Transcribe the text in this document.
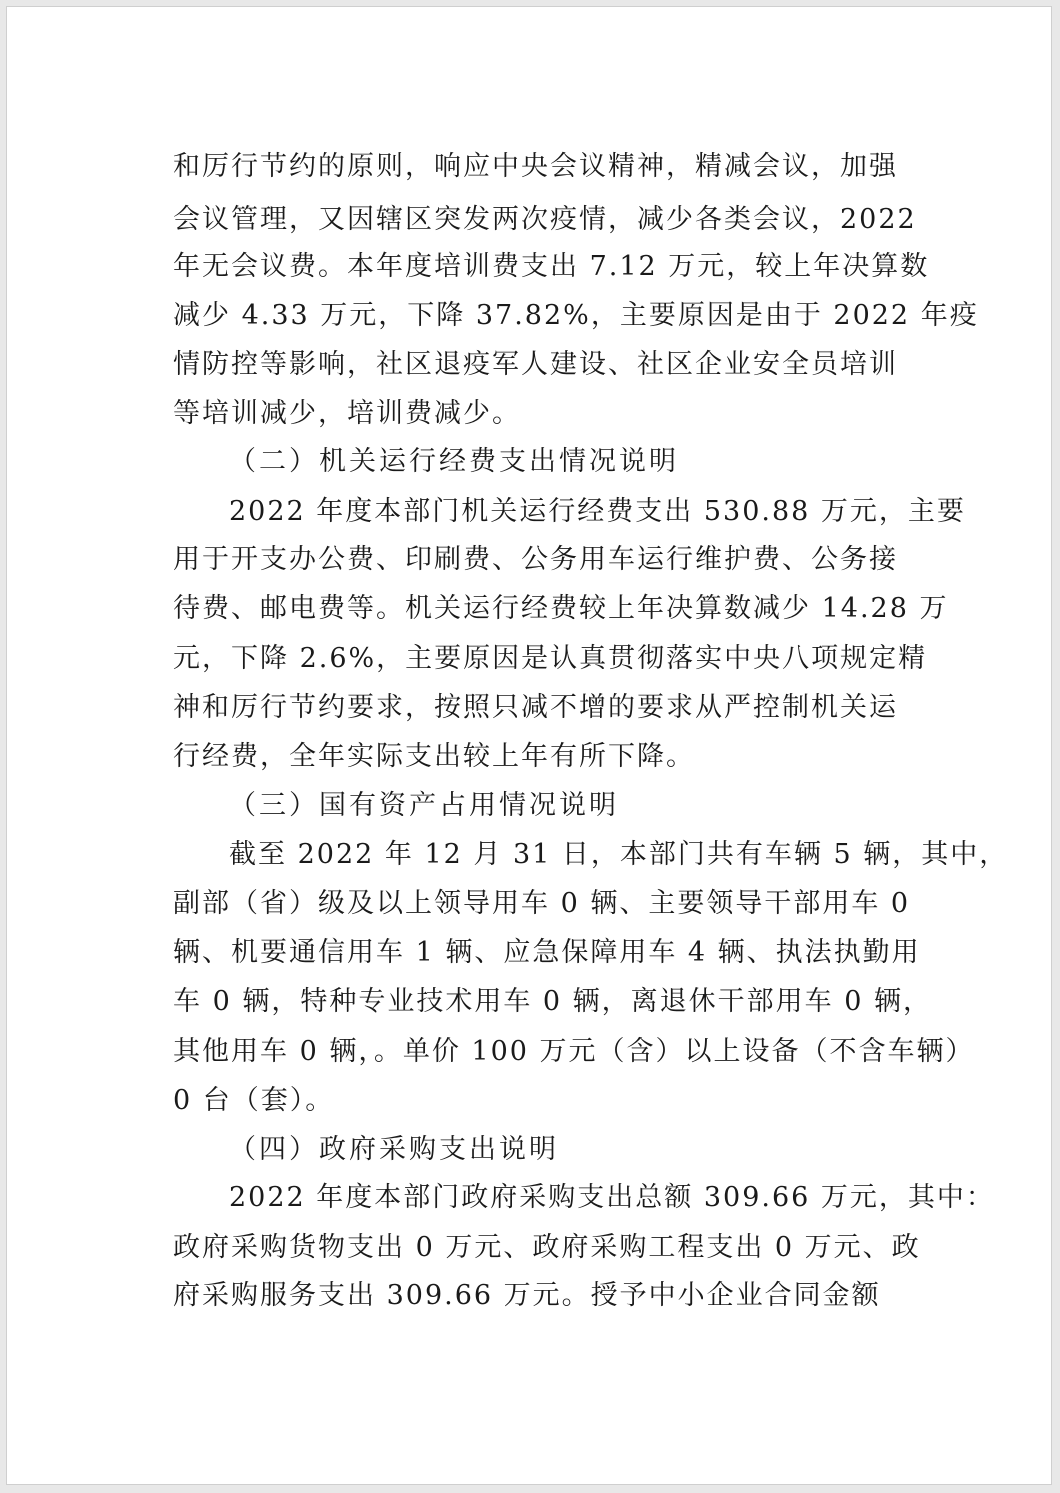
和厉行节约的原则，响应中央会议精神，精减会议，加强
会议管理，又因辖区突发两次疫情，减少各类会议，2022
年无会议费。本年度培训费支出 7.12 万元，较上年决算数
减少 4.33 万元，下降 37.82%，主要原因是由于 2022 年疫
情防控等影响，社区退疫军人建设、社区企业安全员培训
等培训减少，培训费减少。
（二）机关运行经费支出情况说明
2022 年度本部门机关运行经费支出 530.88 万元，主要
用于开支办公费、印刷费、公务用车运行维护费、公务接
待费、邮电费等。机关运行经费较上年决算数减少 14.28 万
元，下降 2.6%，主要原因是认真贯彻落实中央八项规定精
神和厉行节约要求，按照只减不增的要求从严控制机关运
行经费，全年实际支出较上年有所下降。
（三）国有资产占用情况说明
截至 2022 年 12 月 31 日，本部门共有车辆 5 辆，其中，
副部（省）级及以上领导用车 0 辆、主要领导干部用车 0
辆、机要通信用车 1 辆、应急保障用车 4 辆、执法执勤用
车 0 辆，特种专业技术用车 0 辆，离退休干部用车 0 辆，
其他用车 0 辆，。单价 100 万元（含）以上设备（不含车辆）
0 台（套）。
（四）政府采购支出说明
2022 年度本部门政府采购支出总额 309.66 万元，其中：
政府采购货物支出 0 万元、政府采购工程支出 0 万元、政
府采购服务支出 309.66 万元。授予中小企业合同金额
